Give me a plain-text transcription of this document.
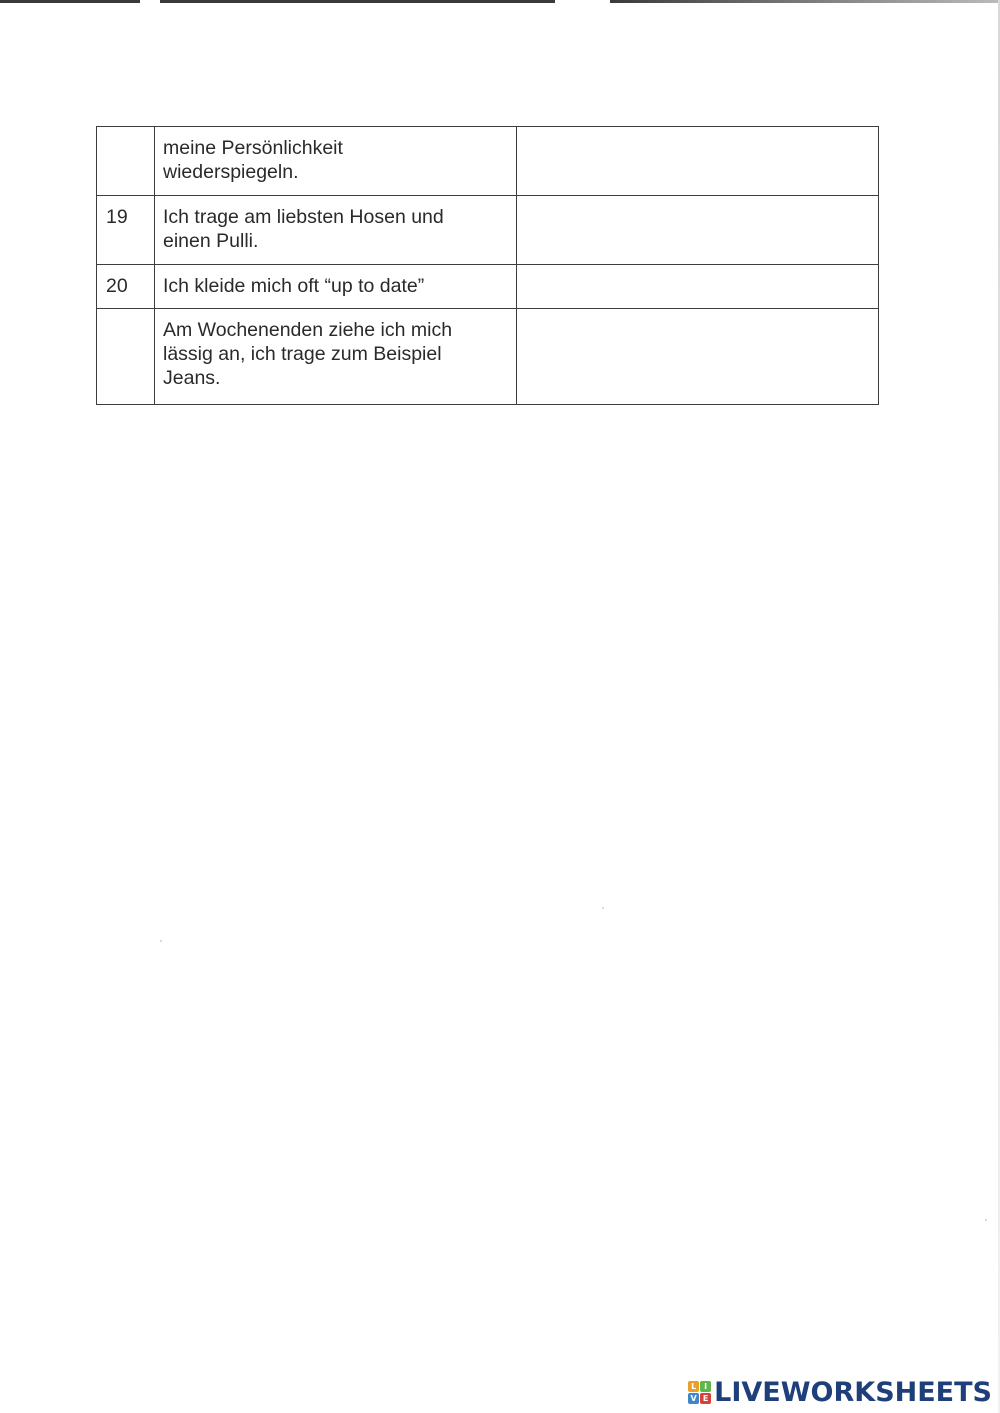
	meine Persönlichkeit
wiederspiegeln.

19	Ich trage am liebsten Hosen und
einen Pulli.

20	Ich kleide mich oft “up to date”

	Am Wochenenden ziehe ich mich
lässig an, ich trage zum Beispiel
Jeans.

L I
V E LIVEWORKSHEETS
